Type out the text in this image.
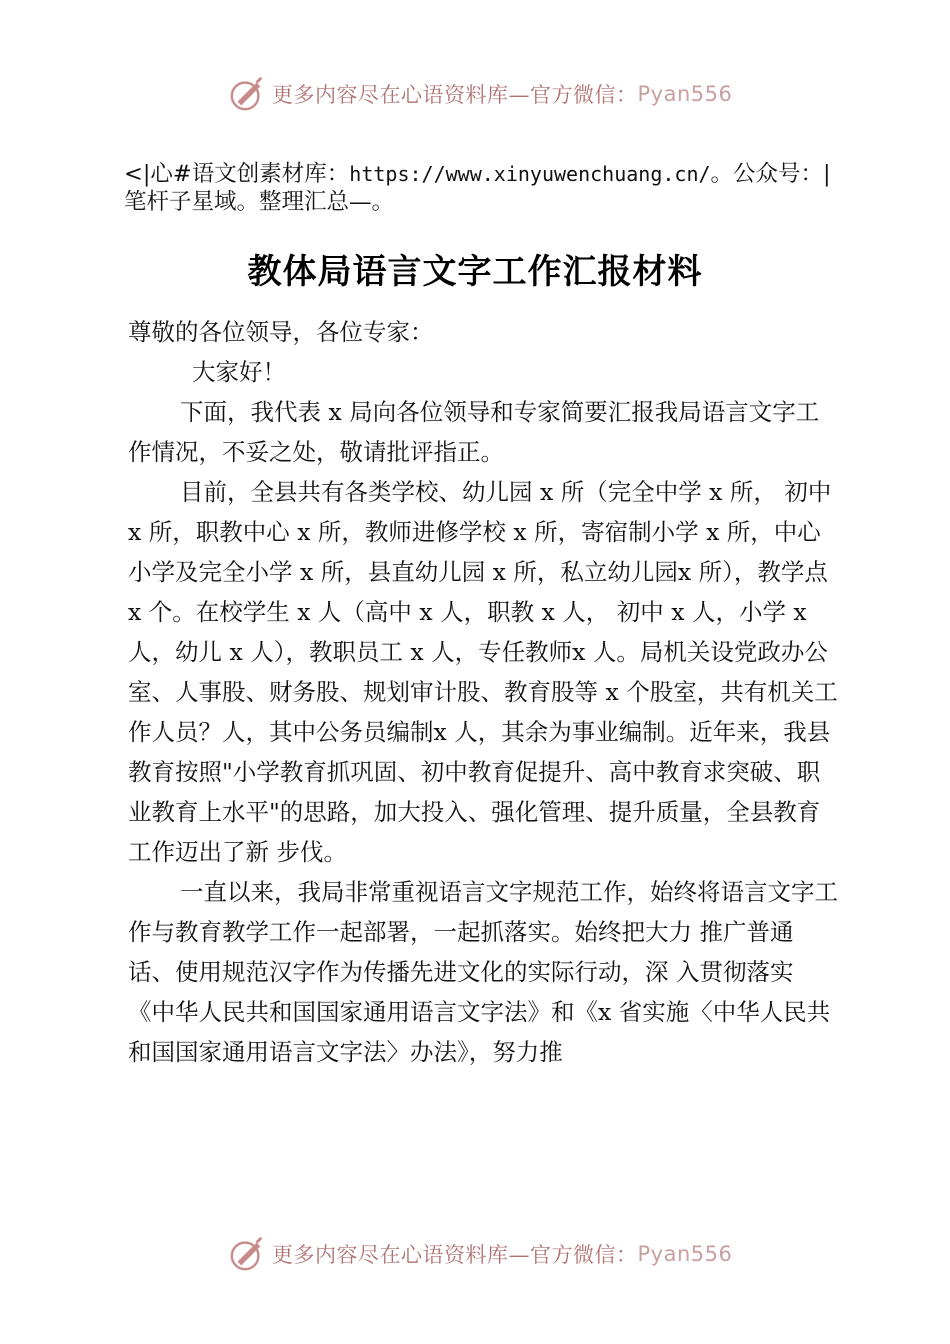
更多内容尽在心语资料库—官方微信： Pyan556
<|心#语文创素材库：https://www.xinyuwenchuang.cn/。公众号：|笔杆子星域。整理汇总—。
教体局语言文字工作汇报材料

尊敬的各位领导，各位专家：

大家好！

下面，我代表 x 局向各位领导和专家简要汇报我局语言文字工作情况，不妥之处，敬请批评指正。

目前，全县共有各类学校、幼儿园 x 所（完全中学 x 所， 初中 x 所，职教中心 x 所，教师进修学校 x 所，寄宿制小学 x 所，中心小学及完全小学 x 所，县直幼儿园 x 所，私立幼儿园x 所），教学点 x 个。在校学生 x 人（高中 x 人，职教 x 人， 初中 x 人，小学 x 人，幼儿 x 人），教职员工 x 人，专任教师x 人。局机关设党政办公室、人事股、财务股、规划审计股、教育股等 x 个股室，共有机关工作人员？人，其中公务员编制x 人，其余为事业编制。近年来，我县教育按照"小学教育抓巩固、初中教育促提升、高中教育求突破、职业教育上水平"的思路，加大投入、强化管理、提升质量，全县教育工作迈出了新 步伐。

一直以来，我局非常重视语言文字规范工作，始终将语言文字工作与教育教学工作一起部署，一起抓落实。始终把大力 推广普通话、使用规范汉字作为传播先进文化的实际行动，深 入贯彻落实《中华人民共和国国家通用语言文字法》和《x 省实施〈中华人民共和国国家通用语言文字法〉办法》，努力推

更多内容尽在心语资料库—官方微信： Pyan556
